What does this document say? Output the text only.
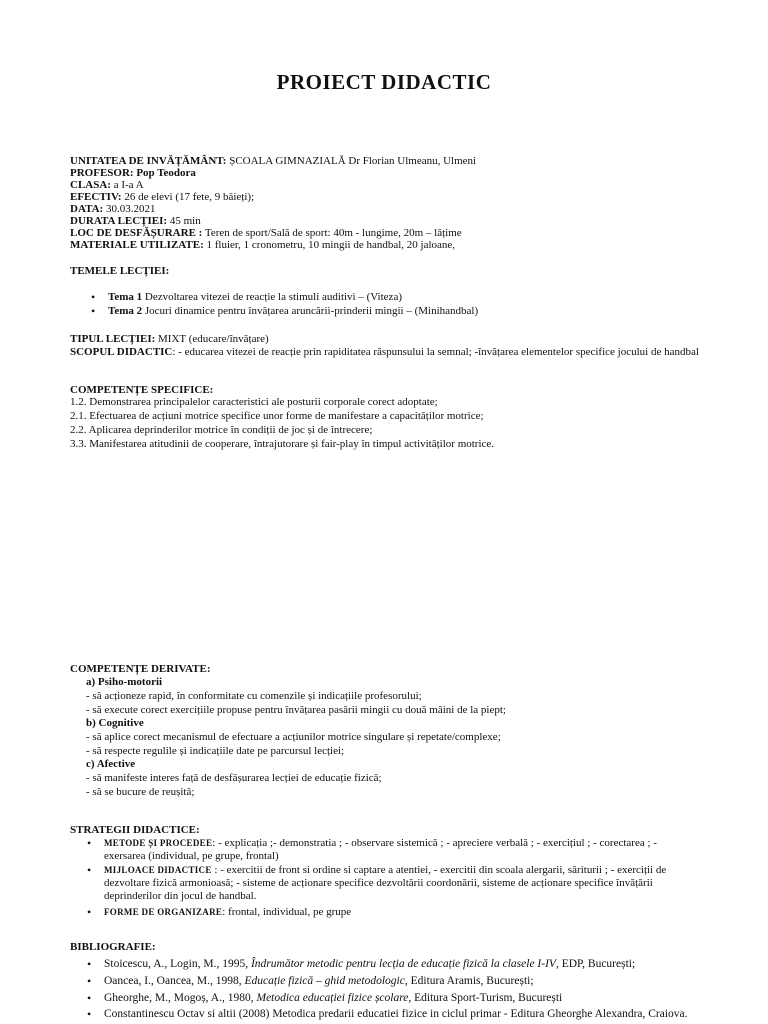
PROIECT DIDACTIC
UNITATEA DE INVĂȚĂMÂNT: ȘCOALA GIMNAZIALĂ Dr Florian Ulmeanu, Ulmeni
PROFESOR: Pop Teodora
CLASA: a I-a A
EFECTIV: 26 de elevi (17 fete, 9 băieți);
DATA: 30.03.2021
DURATA LECȚIEI: 45 min
LOC DE DESFĂȘURARE : Teren de sport/Sală de sport: 40m - lungime, 20m – lățime
MATERIALE UTILIZATE: 1 fluier, 1 cronometru, 10 mingii de handbal, 20 jaloane,
TEMELE LECȚIEI:
• Tema 1 Dezvoltarea vitezei de reacție la stimuli auditivi – (Viteza)
• Tema 2 Jocuri dinamice pentru învățarea aruncării-prinderii mingii – (Minihandbal)
TIPUL LECȚIEI: MIXT (educare/învățare)
SCOPUL DIDACTIC: - educarea vitezei de reacție prin rapiditatea răspunsului la semnal; -învățarea elementelor specifice jocului de handbal
COMPETENȚE SPECIFICE:
1.2. Demonstrarea principalelor caracteristici ale posturii corporale corect adoptate;
2.1. Efectuarea de acțiuni motrice specifice unor forme de manifestare a capacităților motrice;
2.2. Aplicarea deprinderilor motrice în condiții de joc și de întrecere;
3.3. Manifestarea atitudinii de cooperare, întrajutorare și fair-play în timpul activităților motrice.
COMPETENȚE DERIVATE:
a) Psiho-motorii
- să acționeze rapid, în conformitate cu comenzile și indicațiile profesorului;
- să execute corect exercițiile propuse pentru învățarea pasării mingii cu două mâini de la piept;
b) Cognitive
- să aplice corect mecanismul de efectuare a acțiunilor motrice singulare și repetate/complexe;
- să respecte regulile și indicațiile date pe parcursul lecției;
c) Afective
- să manifeste interes față de desfășurarea lecției de educație fizică;
- să se bucure de reușită;
STRATEGII DIDACTICE:
• METODE ȘI PROCEDEE: - explicația ;- demonstratia ; - observare sistemică ; - apreciere verbală ; - exercițiul ; - corectarea ; - exersarea (individual, pe grupe, frontal)
• MIJLOACE DIDACTICE : - exercitii de front si ordine si captare a atentiei, - exercitii din scoala alergarii, săriturii ; - exerciții de dezvoltare fizică armonioasă; - sisteme de acționare specifice dezvoltării coordonării, sisteme de acționare specifice învățării deprinderilor din jocul de handbal.
• FORME DE ORGANIZARE: frontal, individual, pe grupe
BIBLIOGRAFIE:
• Stoicescu, A., Login, M., 1995, Îndrumător metodic pentru lecția de educație fizică la clasele I-IV, EDP, București;
• Oancea, I., Oancea, M., 1998, Educație fizică – ghid metodologic, Editura Aramis, București;
• Gheorghe, M., Mogoș, A., 1980, Metodica educației fizice școlare, Editura Sport-Turism, București
• Constantinescu Octav si altii (2008) Metodica predarii educatiei fizice in ciclul primar - Editura Gheorghe Alexandra, Craiova.
